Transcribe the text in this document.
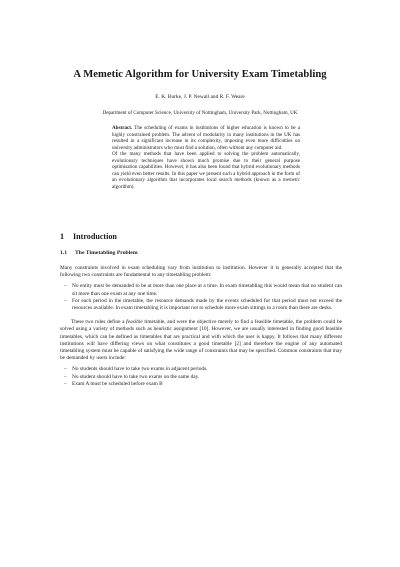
A Memetic Algorithm for University Exam Timetabling
E. K. Burke, J. P. Newall and R. F. Weare
Department of Computer Science, University of Nottingham, University Park, Nottingham, UK

Abstract. The scheduling of exams in institutions of higher education is known to be a highly constrained problem. The advent of modularity in many institutions in the UK has resulted in a significant increase in its complexity, imposing even more difficulties on university administrators who must find a solution, often without any computer aid.

Of the many methods that have been applied to solving the problem automatically, evolutionary techniques have shown much promise due to their general purpose optimisation capabilities. However, it has also been found that hybrid evolutionary methods can yield even better results. In this paper we present such a hybrid approach in the form of an evolutionary algorithm that incorporates local search methods (known as a memetic algorithm).

1 Introduction
1.1 The Timetabling Problem

Many constraints involved in exam scheduling vary from institution to institution. However it is generally accepted that the following two constraints are fundamental to any timetabling problem:

– No entity must be demanded to be at more than one place at a time. In exam timetabling this would mean that no student can sit more than one exam at any one time.
– For each period in the timetable, the resource demands made by the events scheduled for that period must not exceed the resources available. In exam timetabling it is important not to schedule more exam sittings in a room than there are desks.

These two rules define a feasible timetable, and were the objective merely to find a feasible timetable, the problem could be solved using a variety of methods such as heuristic assignment [10]. However, we are usually interested in finding good feasible timetables, which can be defined as timetables that are practical and with which the user is happy. It follows that many different institutions will have differing views on what constitutes a good timetable [2] and therefore the engine of any automated timetabling system must be capable of satisfying the wide range of constraints that may be specified. Common constraints that may be demanded by users include:

– No students should have to take two exams in adjacent periods.
– No student should have to take two exams on the same day.
– Exam A must be scheduled before exam B
